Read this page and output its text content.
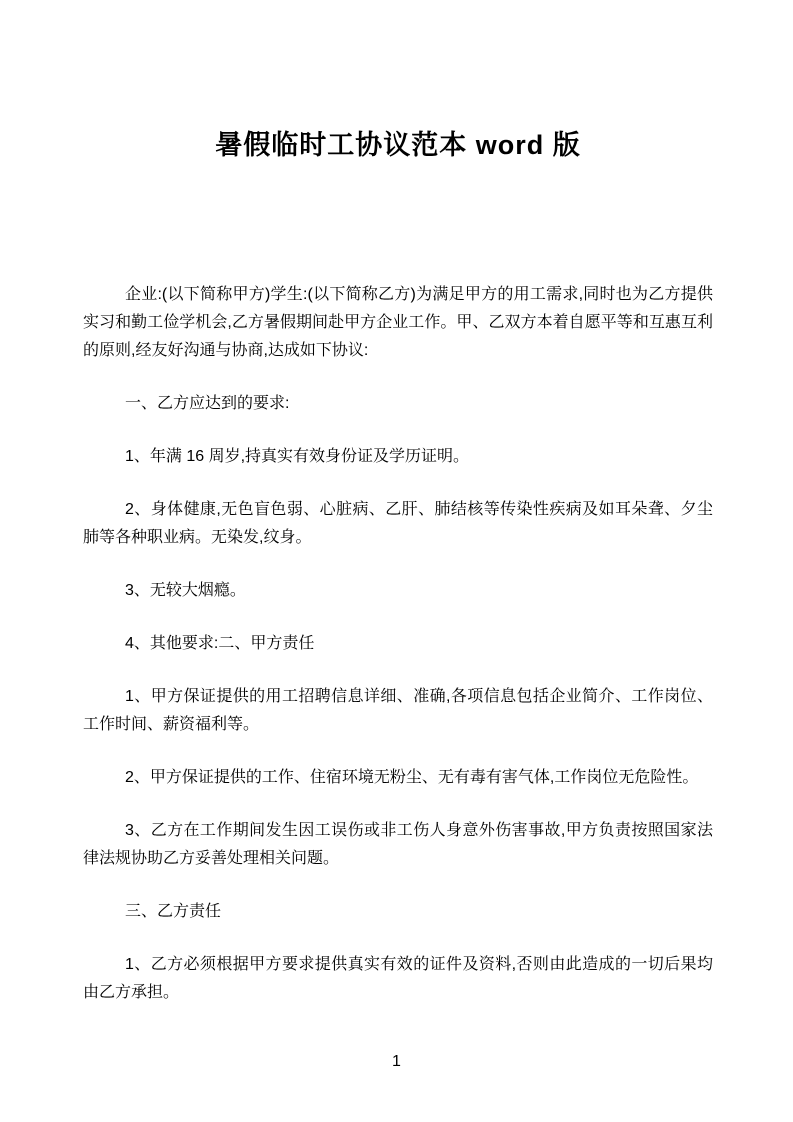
暑假临时工协议范本 word 版

企业:(以下简称甲方)学生:(以下简称乙方)为满足甲方的用工需求,同时也为乙方提供实习和勤工俭学机会,乙方暑假期间赴甲方企业工作。甲、乙双方本着自愿平等和互惠互利的原则,经友好沟通与协商,达成如下协议:

一、乙方应达到的要求:

1、年满 16 周岁,持真实有效身份证及学历证明。

2、身体健康,无色盲色弱、心脏病、乙肝、肺结核等传染性疾病及如耳朵聋、夕尘肺等各种职业病。无染发,纹身。

3、无较大烟瘾。

4、其他要求:二、甲方责任

1、甲方保证提供的用工招聘信息详细、准确,各项信息包括企业简介、工作岗位、工作时间、薪资福利等。

2、甲方保证提供的工作、住宿环境无粉尘、无有毒有害气体,工作岗位无危险性。

3、乙方在工作期间发生因工误伤或非工伤人身意外伤害事故,甲方负责按照国家法律法规协助乙方妥善处理相关问题。

三、乙方责任

1、乙方必须根据甲方要求提供真实有效的证件及资料,否则由此造成的一切后果均由乙方承担。

1
